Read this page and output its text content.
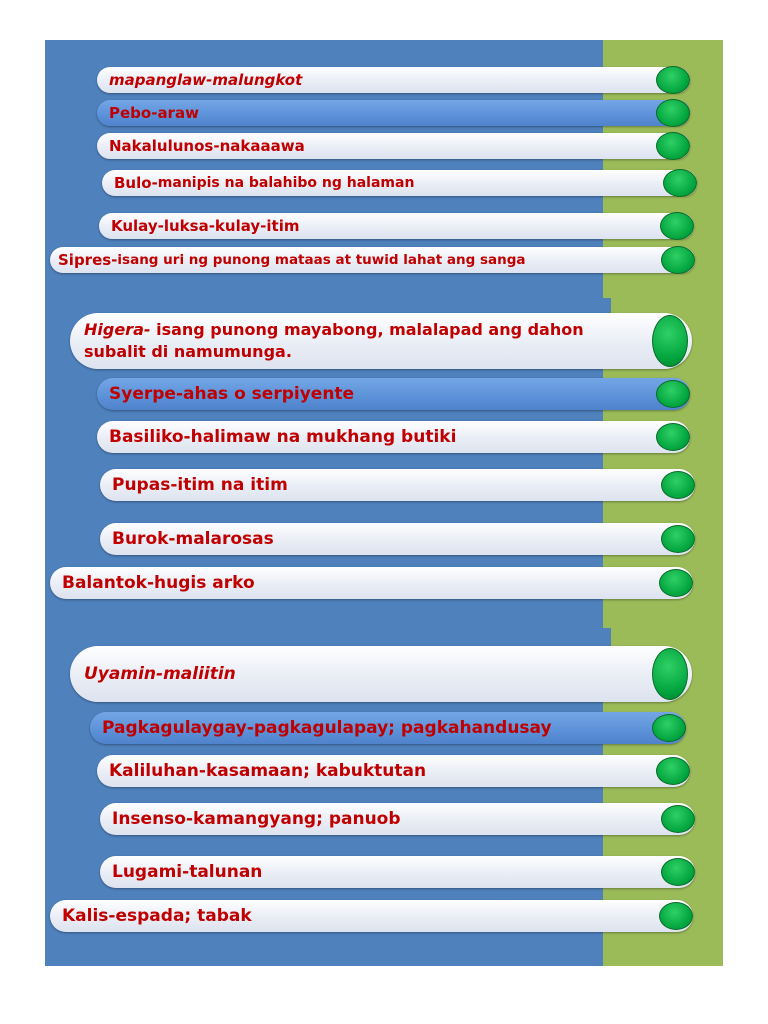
mapanglaw- malungkot
Pebo- araw
Nakalulunos- nakaaawa
Bulo- manipis na balahibo ng halaman
Kulay-luksa- kulay-itim
Sipres- isang uri ng punong mataas at tuwid lahat ang sanga
Higera- isang punong mayabong, malalapad ang dahon subalit di namumunga.
Syerpe- ahas o serpiyente
Basiliko- halimaw na mukhang butiki
Pupas- itim na itim
Burok- malarosas
Balantok- hugis arko
Uyamin- maliitin
Pagkagulaygay- pagkagulapay; pagkahandusay
Kaliluhan- kasamaan; kabuktutan
Insenso- kamangyang; panuob
Lugami- talunan
Kalis- espada; tabak
